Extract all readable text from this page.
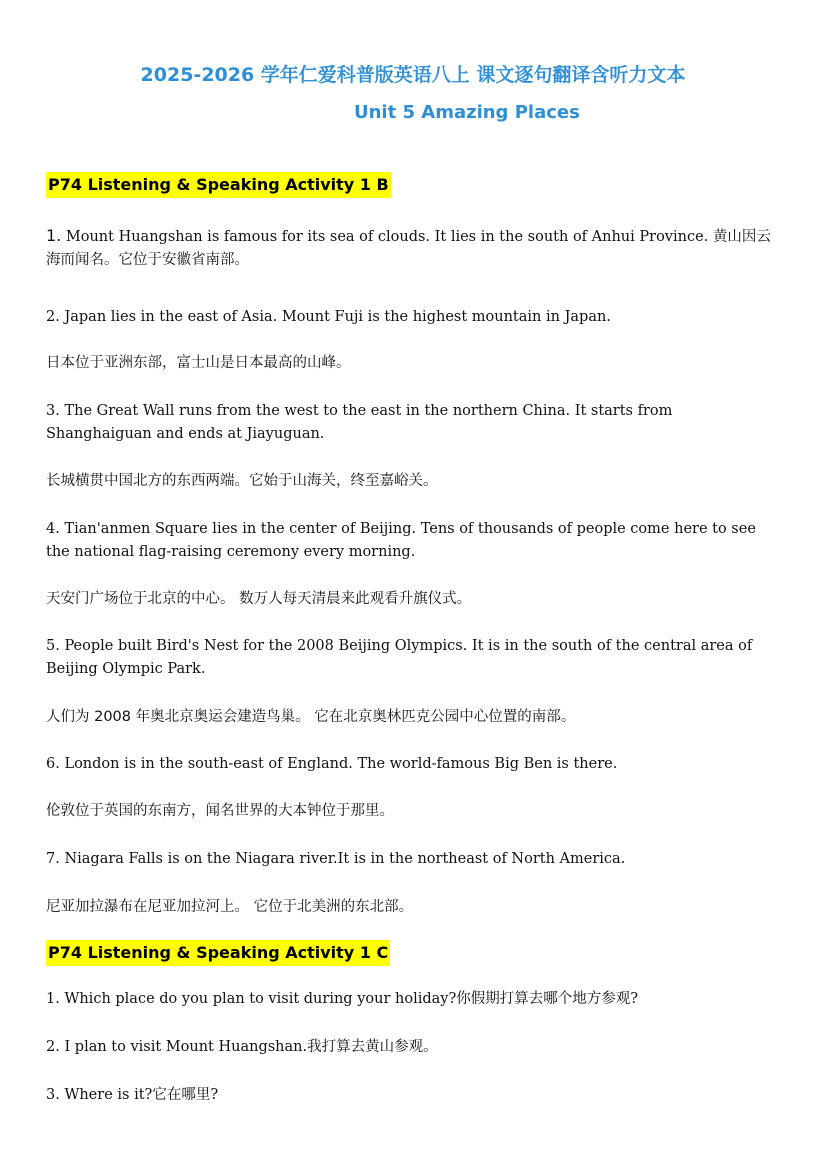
2025-2026 学年仁爱科普版英语八上 课文逐句翻译含听力文本
Unit 5 Amazing Places
P74 Listening & Speaking Activity 1 B
1. Mount Huangshan is famous for its sea of clouds. It lies in the south of Anhui Province. 黄山因云海而闻名。它位于安徽省南部。
2. Japan lies in the east of Asia. Mount Fuji is the highest mountain in Japan.
日本位于亚洲东部，富士山是日本最高的山峰。
3. The Great Wall runs from the west to the east in the northern China. It starts from Shanghaiguan and ends at Jiayuguan.
长城横贯中国北方的东西两端。它始于山海关，终至嘉峪关。
4. Tian'anmen Square lies in the center of Beijing. Tens of thousands of people come here to see the national flag-raising ceremony every morning.
天安门广场位于北京的中心。 数万人每天清晨来此观看升旗仪式。
5. People built Bird's Nest for the 2008 Beijing Olympics. It is in the south of the central area of Beijing Olympic Park.
人们为 2008 年奥北京奥运会建造鸟巢。 它在北京奥林匹克公园中心位置的南部。
6. London is in the south-east of England. The world-famous Big Ben is there.
伦敦位于英国的东南方，闻名世界的大本钟位于那里。
7. Niagara Falls is on the Niagara river.It is in the northeast of North America.
尼亚加拉瀑布在尼亚加拉河上。 它位于北美洲的东北部。
P74 Listening & Speaking Activity 1 C
1. Which place do you plan to visit during your holiday?你假期打算去哪个地方参观?
2. I plan to visit Mount Huangshan.我打算去黄山参观。
3. Where is it?它在哪里?
